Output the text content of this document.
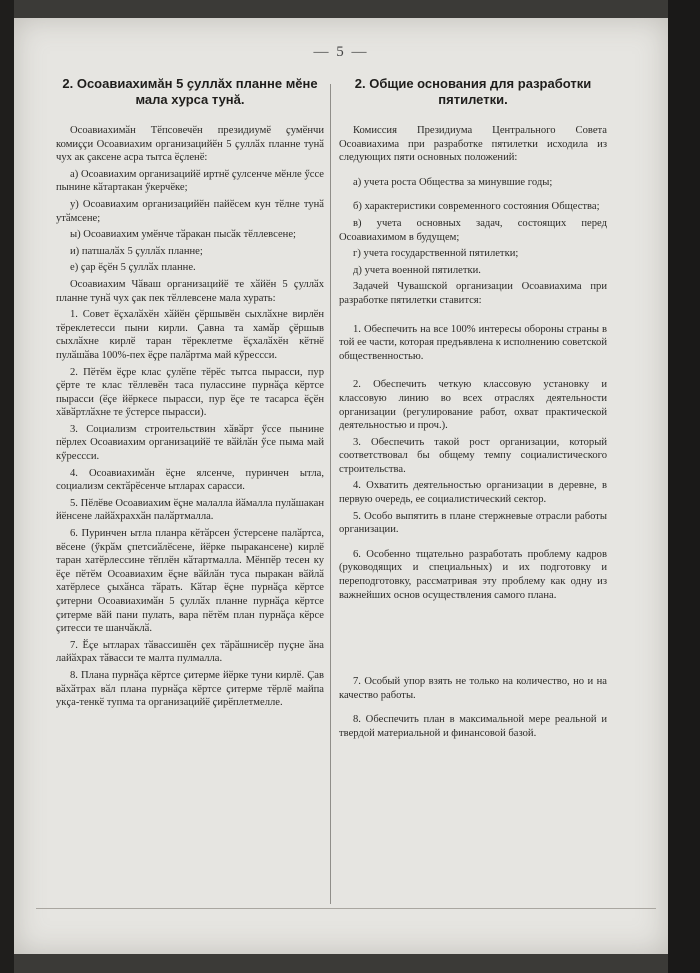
— 5 —
2. Осоавиахимӑн 5 ҫуллӑх планне мӗне мала хурса тунӑ.

Осоавиахимӑн Тӗпсовечӗн президиумӗ ҫумӗнчи комиҫҫи Осоавиахим организацийӗн 5 ҫуллӑх планне тунӑ чух ак ҫаксене асра тытса ӗҫленӗ:

а) Осоавиахим организацийӗ иртнӗ ҫулсенче мӗнле ӳссе пынине кӑтартакан ӳкерчӗке;

у) Осоавиахим организацийӗн пайӗсем кун тӗлне тунӑ утӑмсене;

ы) Осоавиахим умӗнче тӑракан пысӑк тӗллевсене;

и) патшалӑх 5 ҫуллӑх планне;

е) ҫар ӗҫӗн 5 ҫуллӑх планне.

Осоавиахим Чӑваш организацийӗ те хӑйӗн 5 ҫуллӑх планне тунӑ чух ҫак пек тӗллевсене мала хурать:

1. Совет ӗҫхалӑхӗн хӑйӗн ҫӗршывӗн сыхлӑхне вирлӗн тӗреклетесси пыни кирли. Ҫавна та хамӑр ҫӗршыв сыхлӑхне кирлӗ таран тӗреклетме ӗҫхалӑхӗн кӗтнӗ пулӑшӑва 100%-пех ӗҫре палӑртма май кӳрессси.

2. Пӗтӗм ӗҫре клас ҫулӗпе тӗрӗс тытса пырасси, пур ҫӗрте те клас тӗллевӗн таса пулассине пурнӑҫа кӗртсе пырасси (ӗҫе йӗркесе пырасси, пур ӗҫе те тасарса ӗҫӗн хӑвӑртлӑхне те ӳстерсе пырасси).

3. Социализм строительствин хӑвӑрт ӳссе пынине пӗрлех Осоавиахим организацийӗ те вӑйлӑн ӳсе пыма май кӳрессси.

4. Осоавиахимӑн ӗҫне ялсенче, пуринчен ытла, социализм сектӑрӗсенче ытларах сарасси.

5. Пӗлӗве Осоавиахим ӗҫне малалла йӑмалла пулӑшакан йӗнсене лайӑхраххӑн палӑртмалла.

6. Пуринчен ытла планра кӗтӑрсен ӳстерсене палӑртса, вӗсене (ӳкрӑм ҫпетсиӑлӗсене, йӗрке пыракансене) кирлӗ таран хатӗрлессине тӗплӗн кӑтартмалла. Мӗнпӗр тесен ку ӗҫе пӗтӗм Осоавиахим ӗҫне вӑйлӑн туса пыракан вӑйлӑ хатӗрлесе ҫыхӑнса тӑрать. Кӑтар ӗҫне пурнӑҫа кӗртсе ҫитерни Осоавиахимӑн 5 ҫуллӑх планне пурнӑҫа кӗртсе ҫитерме вӑй пани пулать, вара пӗтӗм план пурнӑҫа кӗрсе ҫитесси те шанчӑклӑ.

7. Ӗҫе ытларах тӑвассишӗн ҫех тӑрӑшнисӗр пуҫне ӑна лайӑхрах тӑвасси те малта пулмалла.

8. Плана пурнӑҫа кӗртсе ҫитерме йӗрке туни кирлӗ. Ҫав вӑхӑтрах вӑл плана пурнӑҫа кӗртсе ҫитерме тӗрлӗ майпа укҫа-тенкӗ тупма та организацийӗ ҫирӗплетмелле.

2. Общие основания для разработки пятилетки.

Комиссия Президиума Центрального Совета Осоавиахима при разработке пятилетки исходила из следующих пяти основных положений:

а) учета роста Общества за минувшие годы;

б) характеристики современного состояния Общества;

в) учета основных задач, состоящих перед Осоавиахимом в будущем;

г) учета государственной пятилетки;

д) учета военной пятилетки.

Задачей Чувашской организации Осоавиахима при разработке пятилетки ставится:

1. Обеспечить на все 100% интересы обороны страны в той ее части, которая предъявлена к исполнению советской общественностью.

2. Обеспечить четкую классовую установку и классовую линию во всех отраслях деятельности организации (регулирование работ, охват практической деятельностью и проч.).

3. Обеспечить такой рост организации, который соответствовал бы общему темпу социалистического строительства.

4. Охватить деятельностью организации в деревне, в первую очередь, ее социалистический сектор.

5. Особо выпятить в плане стержневые отрасли работы организации.

6. Особенно тщательно разработать проблему кадров (руководящих и специальных) и их подготовку и переподготовку, рассматривая эту проблему как одну из важнейших основ осуществления самого плана.

7. Особый упор взять не только на количество, но и на качество работы.

8. Обеспечить план в максимальной мере реальной и твердой материальной и финансовой базой.
